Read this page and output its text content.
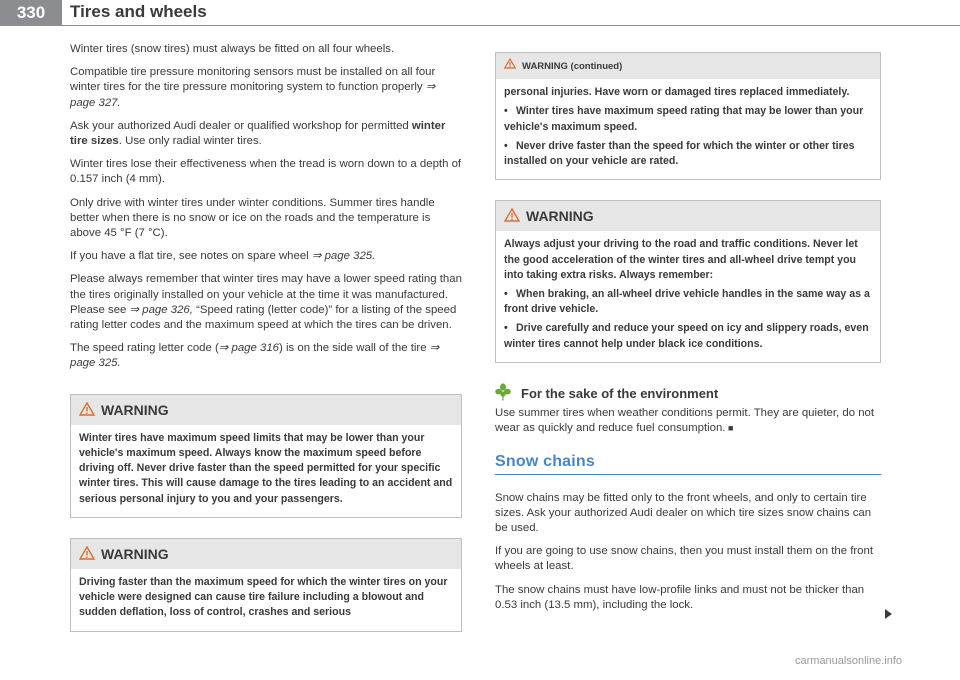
330	Tires and wheels

Winter tires (snow tires) must always be fitted on all four wheels.

Compatible tire pressure monitoring sensors must be installed on all four winter tires for the tire pressure monitoring system to function properly ⇒ page 327.

Ask your authorized Audi dealer or qualified workshop for permitted winter tire sizes. Use only radial winter tires.

Winter tires lose their effectiveness when the tread is worn down to a depth of 0.157 inch (4 mm).

Only drive with winter tires under winter conditions. Summer tires handle better when there is no snow or ice on the roads and the temperature is above 45 °F (7 °C).

If you have a flat tire, see notes on spare wheel ⇒ page 325.

Please always remember that winter tires may have a lower speed rating than the tires originally installed on your vehicle at the time it was manufactured. Please see ⇒ page 326, “Speed rating (letter code)” for a listing of the speed rating letter codes and the maximum speed at which the tires can be driven.

The speed rating letter code (⇒ page 316) is on the side wall of the tire ⇒ page 325.

WARNING

Winter tires have maximum speed limits that may be lower than your vehicle's maximum speed. Always know the maximum speed before driving off. Never drive faster than the speed permitted for your specific winter tires. This will cause damage to the tires leading to an accident and serious personal injury to you and your passengers.

WARNING

Driving faster than the maximum speed for which the winter tires on your vehicle were designed can cause tire failure including a blowout and sudden deflation, loss of control, crashes and serious

WARNING (continued)

personal injuries. Have worn or damaged tires replaced immediately.

• Winter tires have maximum speed rating that may be lower than your vehicle's maximum speed.

• Never drive faster than the speed for which the winter or other tires installed on your vehicle are rated.

WARNING

Always adjust your driving to the road and traffic conditions. Never let the good acceleration of the winter tires and all-wheel drive tempt you into taking extra risks. Always remember:

• When braking, an all-wheel drive vehicle handles in the same way as a front drive vehicle.

• Drive carefully and reduce your speed on icy and slippery roads, even winter tires cannot help under black ice conditions.

For the sake of the environment

Use summer tires when weather conditions permit. They are quieter, do not wear as quickly and reduce fuel consumption. ■

Snow chains

Snow chains may be fitted only to the front wheels, and only to certain tire sizes. Ask your authorized Audi dealer on which tire sizes snow chains can be used.

If you are going to use snow chains, then you must install them on the front wheels at least.

The snow chains must have low-profile links and must not be thicker than 0.53 inch (13.5 mm), including the lock.

carmanualsonline.info
